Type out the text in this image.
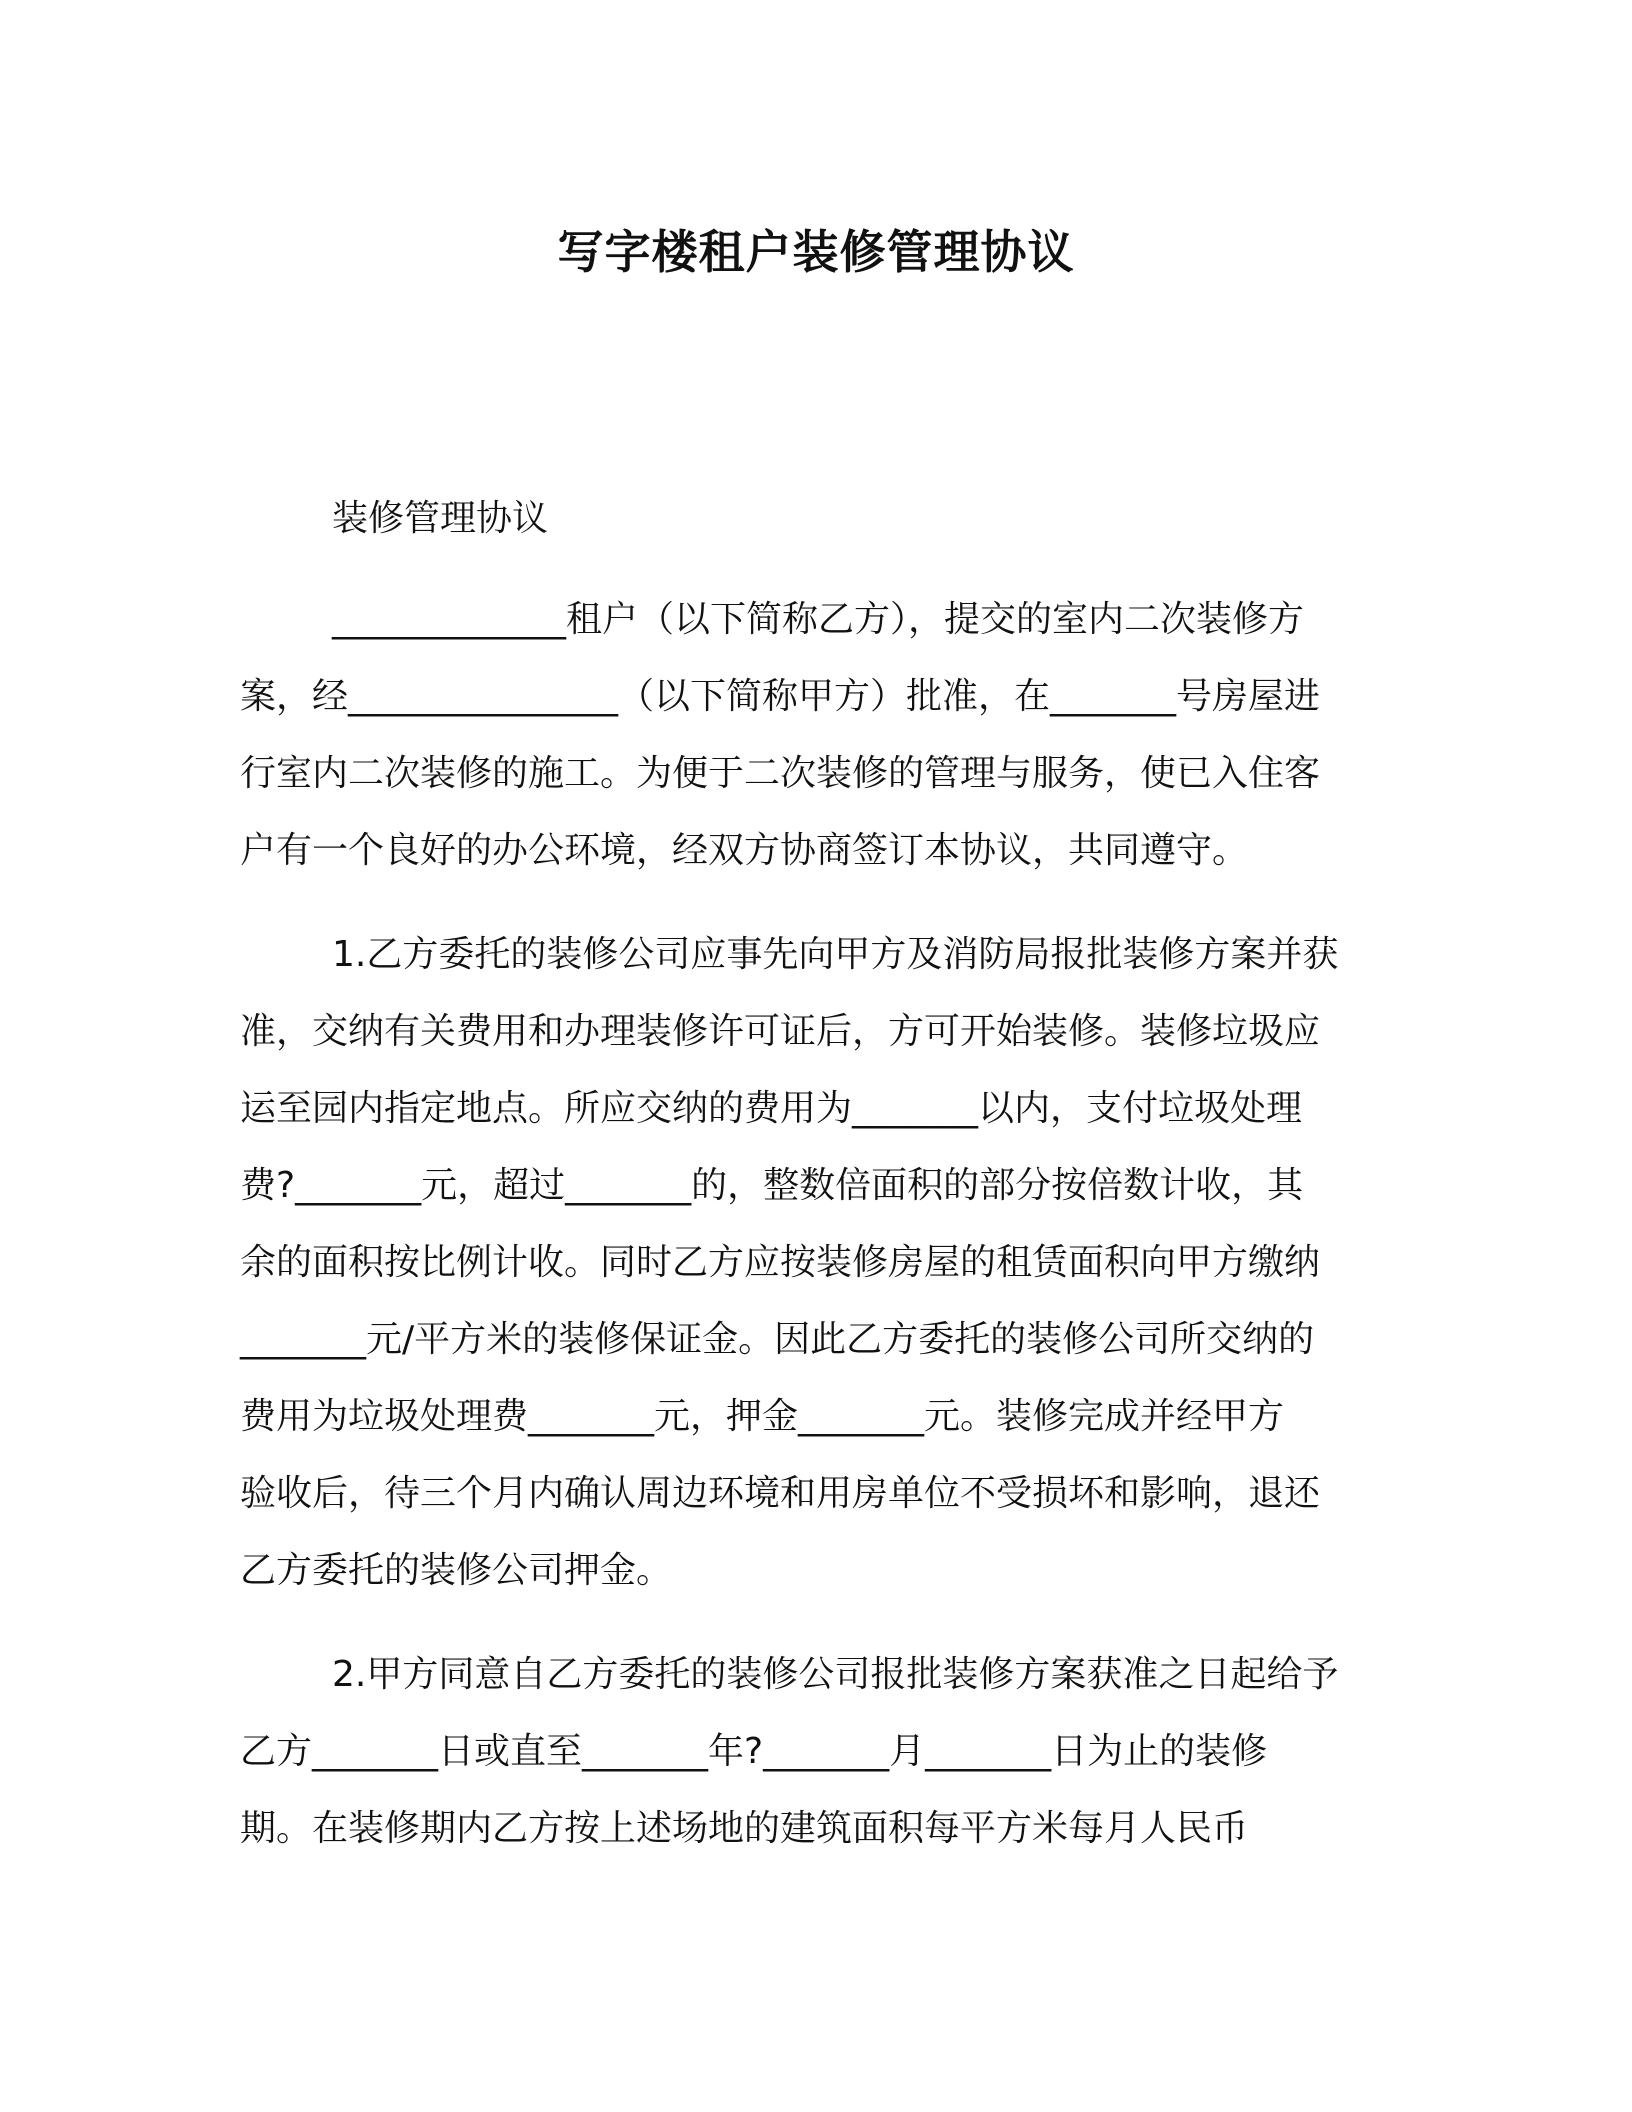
写字楼租户装修管理协议
装修管理协议
_____________租户（以下简称乙方），提交的室内二次装修方
案，经_______________（以下简称甲方）批准，在_______号房屋进
行室内二次装修的施工。为便于二次装修的管理与服务，使已入住客
户有一个良好的办公环境，经双方协商签订本协议，共同遵守。
1.乙方委托的装修公司应事先向甲方及消防局报批装修方案并获
准，交纳有关费用和办理装修许可证后，方可开始装修。装修垃圾应
运至园内指定地点。所应交纳的费用为_______以内，支付垃圾处理
费?_______元，超过_______的，整数倍面积的部分按倍数计收，其
余的面积按比例计收。同时乙方应按装修房屋的租赁面积向甲方缴纳
_______元/平方米的装修保证金。因此乙方委托的装修公司所交纳的
费用为垃圾处理费_______元，押金_______元。装修完成并经甲方
验收后，待三个月内确认周边环境和用房单位不受损坏和影响，退还
乙方委托的装修公司押金。
2.甲方同意自乙方委托的装修公司报批装修方案获准之日起给予
乙方_______日或直至_______年?_______月_______日为止的装修
期。在装修期内乙方按上述场地的建筑面积每平方米每月人民币
